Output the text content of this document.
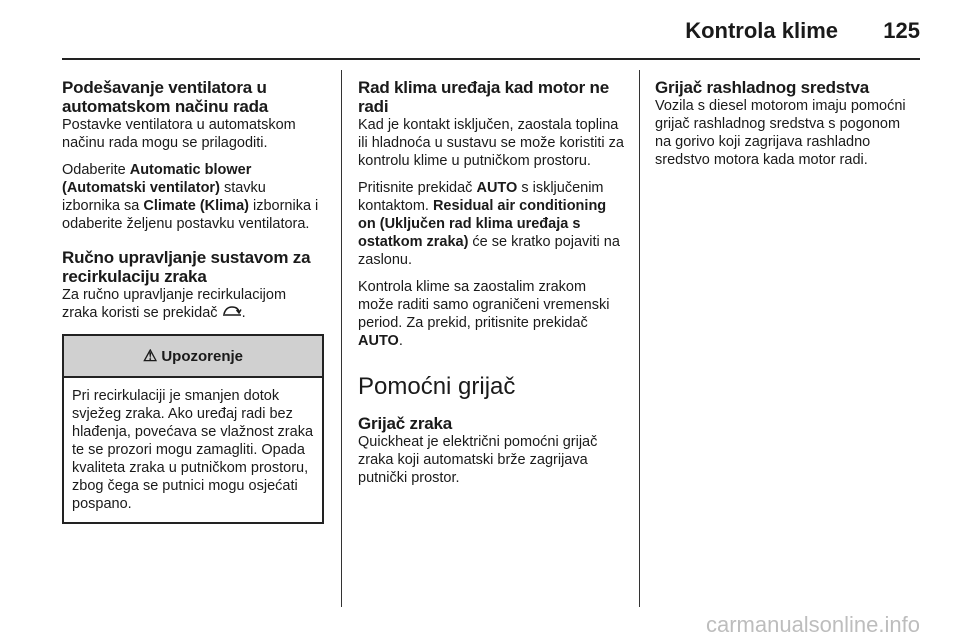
Kontrola klime 125
Podešavanje ventilatora u automatskom načinu rada

Postavke ventilatora u automatskom načinu rada mogu se prilagoditi.

Odaberite Automatic blower (Automatski ventilator) stavku izbornika sa Climate (Klima) izbornika i odaberite željenu postavku ventilatora.

Ručno upravljanje sustavom za recirkulaciju zraka

Za ručno upravljanje recirkulacijom zraka koristi se prekidač .

⚠ Upozorenje
Pri recirkulaciji je smanjen dotok svježeg zraka. Ako uređaj radi bez hlađenja, povećava se vlažnost zraka te se prozori mogu zamagliti. Opada kvaliteta zraka u putničkom prostoru, zbog čega se putnici mogu osjećati pospano.
Rad klima uređaja kad motor ne radi

Kad je kontakt isključen, zaostala toplina ili hladnoća u sustavu se može koristiti za kontrolu klime u putničkom prostoru.

Pritisnite prekidač AUTO s isključenim kontaktom. Residual air conditioning on (Uključen rad klima uređaja s ostatkom zraka) će se kratko pojaviti na zaslonu.

Kontrola klime sa zaostalim zrakom može raditi samo ograničeni vremenski period. Za prekid, pritisnite prekidač AUTO.

Pomoćni grijač
Grijač zraka

Quickheat je električni pomoćni grijač zraka koji automatski brže zagrijava putnički prostor.

Grijač rashladnog sredstva

Vozila s diesel motorom imaju pomoćni grijač rashladnog sredstva s pogonom na gorivo koji zagrijava rashladno sredstvo motora kada motor radi.

carmanualsonline.info
